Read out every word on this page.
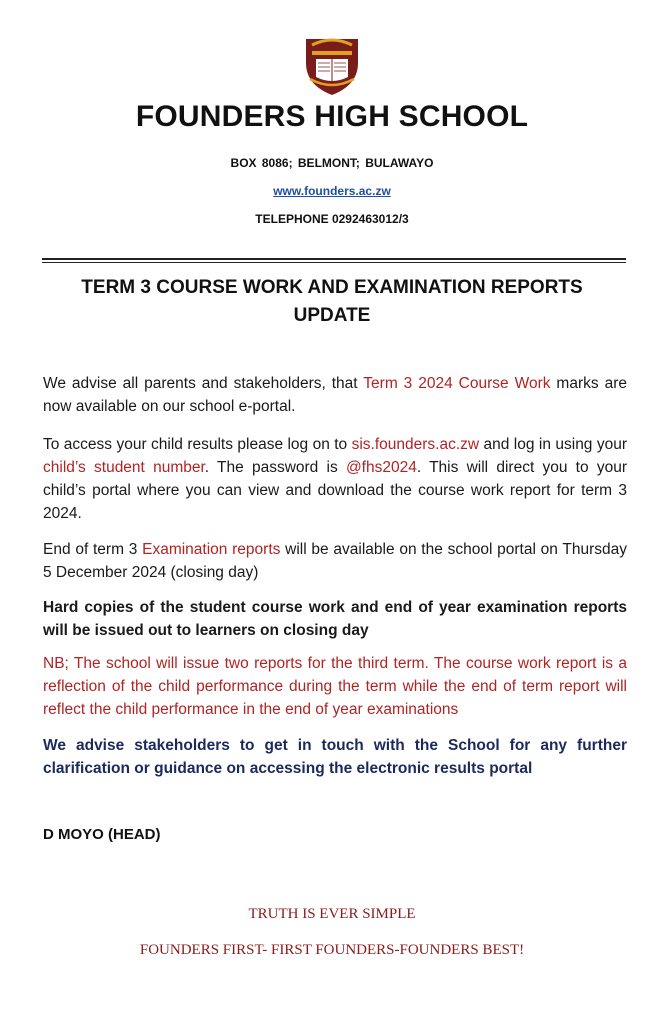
FOUNDERS HIGH SCHOOL
BOX 8086; BELMONT; BULAWAYO
www.founders.ac.zw
TELEPHONE 0292463012/3
TERM 3 COURSE WORK AND EXAMINATION REPORTS
UPDATE
We advise all parents and stakeholders, that Term 3 2024 Course Work marks are now available on our school e-portal.
To access your child results please log on to sis.founders.ac.zw and log in using your child’s student number. The password is @fhs2024. This will direct you to your child’s portal where you can view and download the course work report for term 3 2024.
End of term 3 Examination reports will be available on the school portal on Thursday 5 December 2024 (closing day)
Hard copies of the student course work and end of year examination reports will be issued out to learners on closing day
NB; The school will issue two reports for the third term. The course work report is a reflection of the child performance during the term while the end of term report will reflect the child performance in the end of year examinations
We advise stakeholders to get in touch with the School for any further clarification or guidance on accessing the electronic results portal
D MOYO (HEAD)
TRUTH IS EVER SIMPLE
FOUNDERS FIRST- FIRST FOUNDERS-FOUNDERS BEST!
